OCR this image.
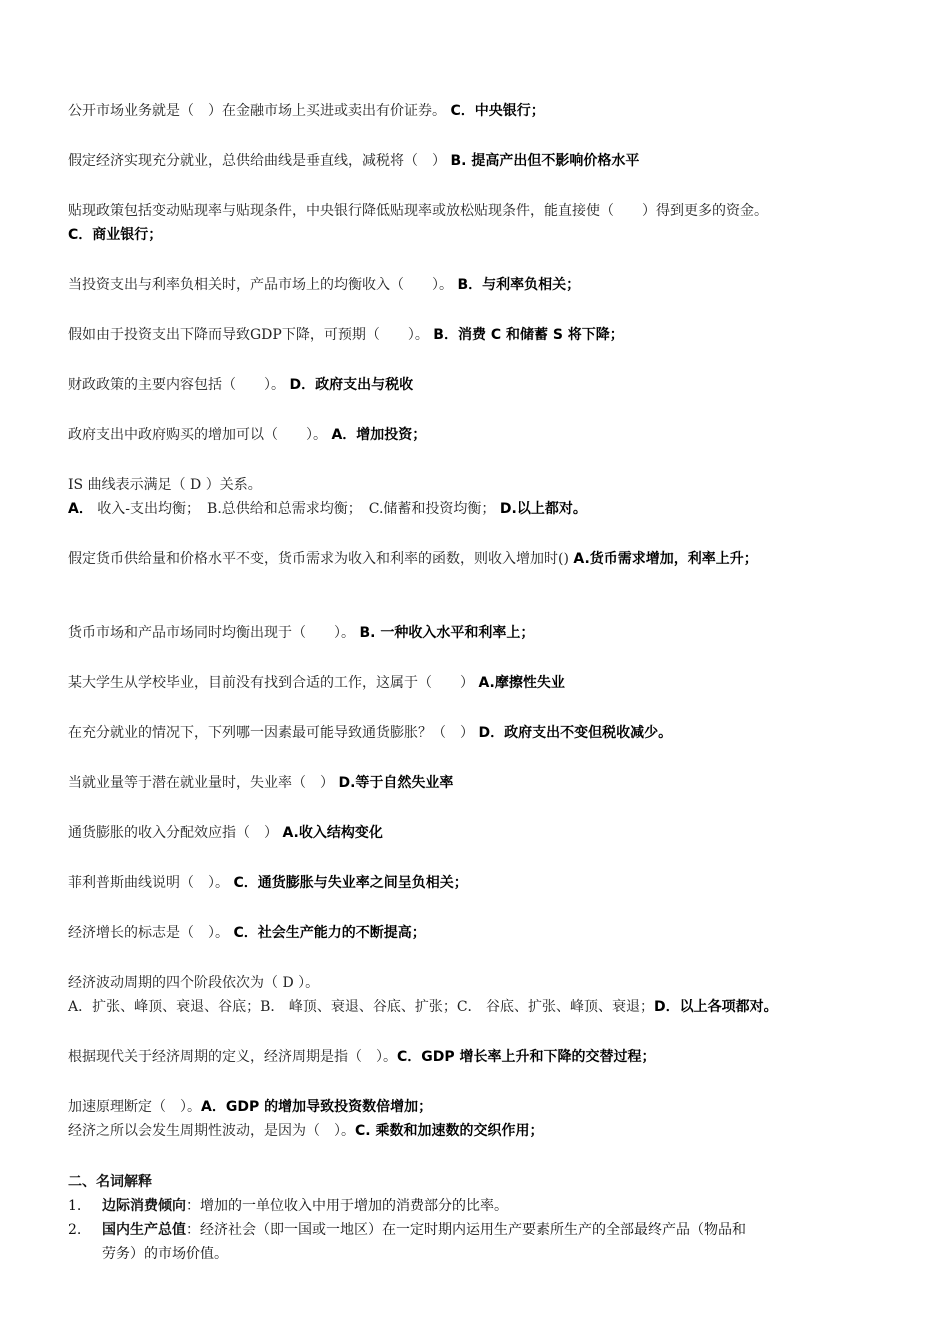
公开市场业务就是（　）在金融市场上买进或卖出有价证券。 C．中央银行；
假定经济实现充分就业，总供给曲线是垂直线，减税将（　） B. 提高产出但不影响价格水平
贴现政策包括变动贴现率与贴现条件，中央银行降低贴现率或放松贴现条件，能直接使（　　）得到更多的资金。
C．商业银行；
当投资支出与利率负相关时，产品市场上的均衡收入（　　）。 B．与利率负相关；
假如由于投资支出下降而导致GDP下降，可预期（　　）。 B．消费 C 和储蓄 S 将下降；
财政政策的主要内容包括（　　）。 D．政府支出与税收
政府支出中政府购买的增加可以（　　）。 A．增加投资；
IS 曲线表示满足（ D ）关系。
A． 收入-支出均衡；　B.总供给和总需求均衡；　C.储蓄和投资均衡； D.以上都对。
假定货币供给量和价格水平不变，货币需求为收入和利率的函数，则收入增加时() A.货币需求增加，利率上升；
货币市场和产品市场同时均衡出现于（　　）。 B. 一种收入水平和利率上；
某大学生从学校毕业，目前没有找到合适的工作，这属于（　　） A.摩擦性失业
在充分就业的情况下，下列哪一因素最可能导致通货膨胀？（　） D．政府支出不变但税收减少。
当就业量等于潜在就业量时，失业率（　） D.等于自然失业率
通货膨胀的收入分配效应指（　） A.收入结构变化
菲利普斯曲线说明（　）。 C．通货膨胀与失业率之间呈负相关；
经济增长的标志是（　）。 C．社会生产能力的不断提高；
经济波动周期的四个阶段依次为（ D ）。
A．扩张、峰顶、衰退、谷底；B． 峰顶、衰退、谷底、扩张；C． 谷底、扩张、峰顶、衰退；D．以上各项都对。
根据现代关于经济周期的定义，经济周期是指（　）。C．GDP 增长率上升和下降的交替过程；
加速原理断定（　）。A．GDP 的增加导致投资数倍增加；
经济之所以会发生周期性波动，是因为（　）。C. 乘数和加速数的交织作用；
二、名词解释
1. 边际消费倾向：增加的一单位收入中用于增加的消费部分的比率。
2. 国内生产总值：经济社会（即一国或一地区）在一定时期内运用生产要素所生产的全部最终产品（物品和
劳务）的市场价值。
